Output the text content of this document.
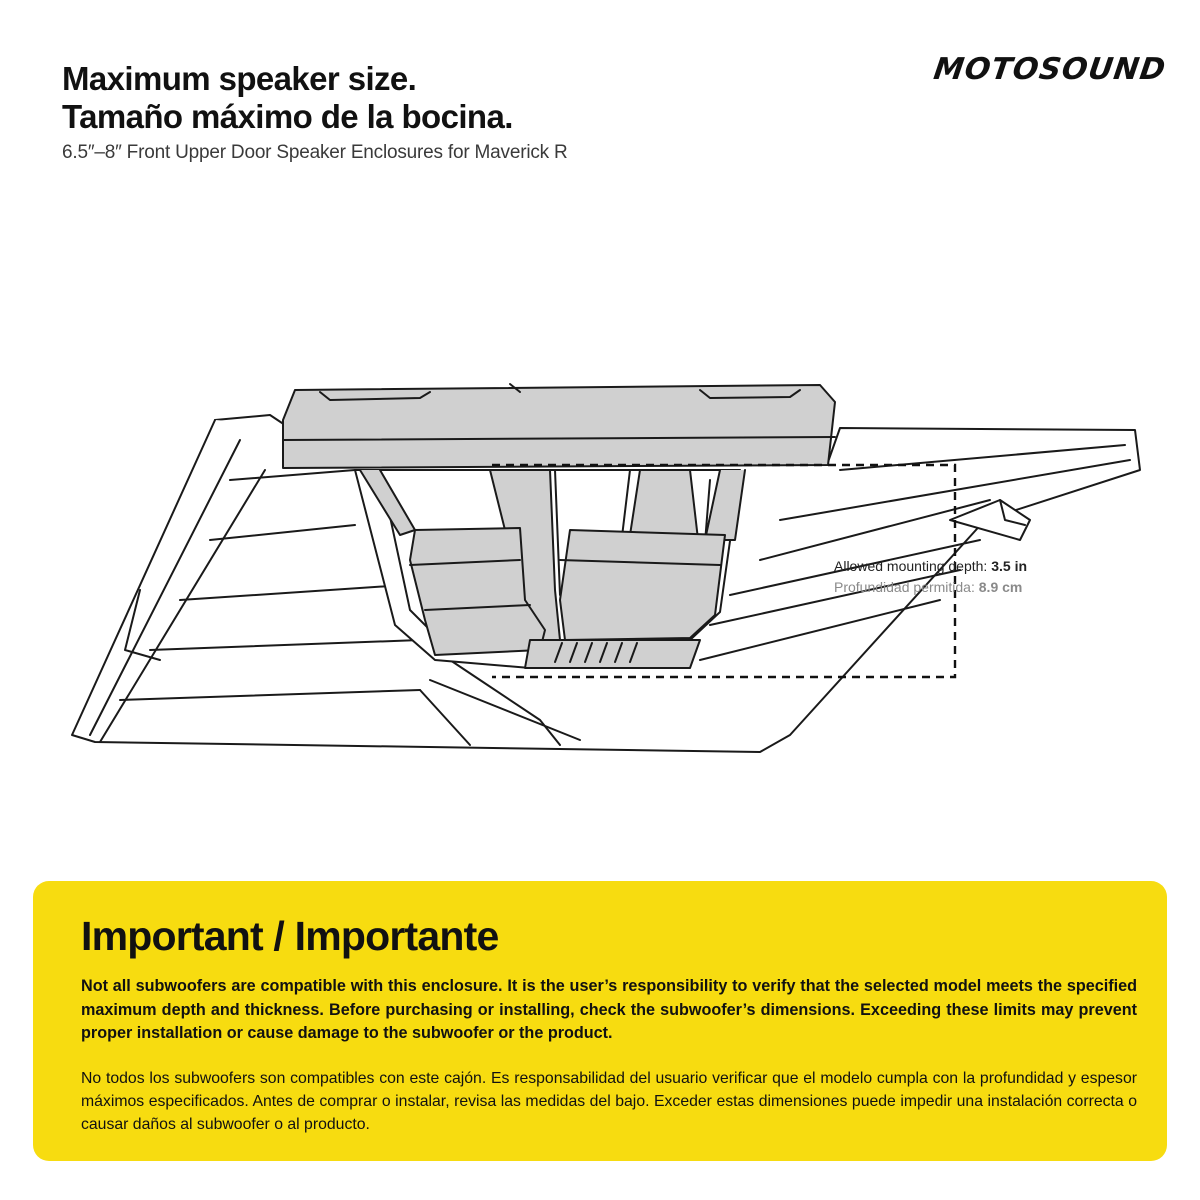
Maximum speaker size.
Tamaño máximo de la bocina.
6.5″–8″ Front Upper Door Speaker Enclosures for Maverick R
MOTOSOUND
Allowed mounting depth: 3.5 in
Profundidad permitida: 8.9 cm
Important / Importante
Not all subwoofers are compatible with this enclosure. It is the user’s responsibility to verify that the selected model meets the specified maximum depth and thickness. Before purchasing or installing, check the subwoofer’s dimensions. Exceeding these limits may prevent proper installation or cause damage to the subwoofer or the product.
No todos los subwoofers son compatibles con este cajón. Es responsabilidad del usuario verificar que el modelo cumpla con la profundidad y espesor máximos especificados. Antes de comprar o instalar, revisa las medidas del bajo. Exceder estas dimensiones puede impedir una instalación correcta o causar daños al subwoofer o al producto.
